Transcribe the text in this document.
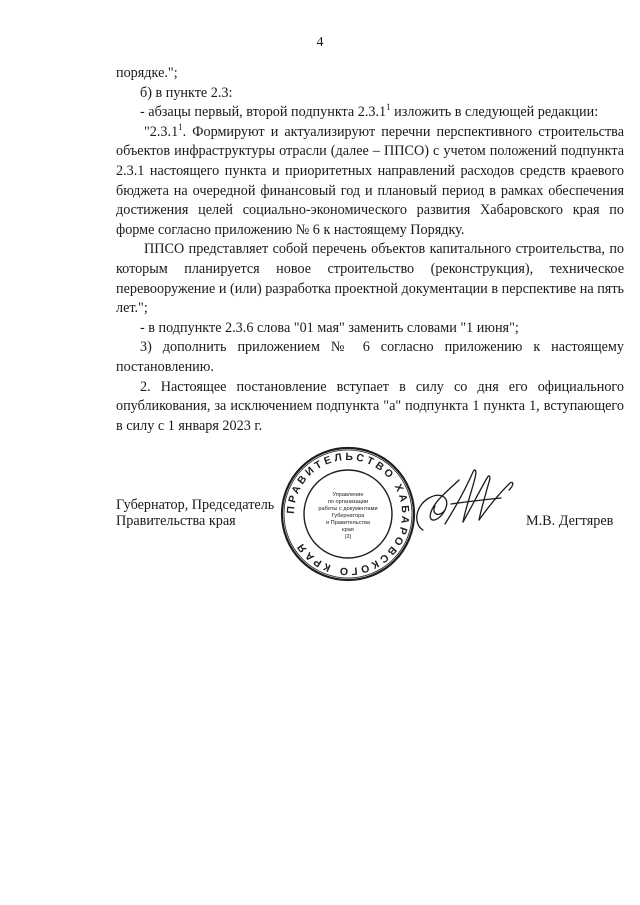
4

порядке.";

б) в пункте 2.3:

- абзацы первый, второй подпункта 2.3.1$^1$ изложить в следующей редакции:

"2.3.1$^1$. Формируют и актуализируют перечни перспективного строительства объектов инфраструктуры отрасли (далее – ППСО) с учетом положений подпункта 2.3.1 настоящего пункта и приоритетных направлений расходов средств краевого бюджета на очередной финансовый год и плановый период в рамках обеспечения достижения целей социально-экономического развития Хабаровского края по форме согласно приложению № 6 к настоящему Порядку.

ППСО представляет собой перечень объектов капитального строительства, по которым планируется новое строительство (реконструкция), техническое перевооружение и (или) разработка проектной документации в перспективе на пять лет.";

- в подпункте 2.3.6 слова "01 мая" заменить словами "1 июня";

3) дополнить приложением № 6 согласно приложению к настоящему постановлению.

2. Настоящее постановление вступает в силу со дня его официального опубликования, за исключением подпункта "а" подпункта 1 пункта 1, вступающего в силу с 1 января 2023 г.

Губернатор, Председатель
Правительства края	М.В. Дегтярев
ПРАВИТЕЛЬСТВО ХАБАРОВСКОГО КРАЯ
Управление
по организации
работы с документами
Губернатора
и Правительства
края
(2)
